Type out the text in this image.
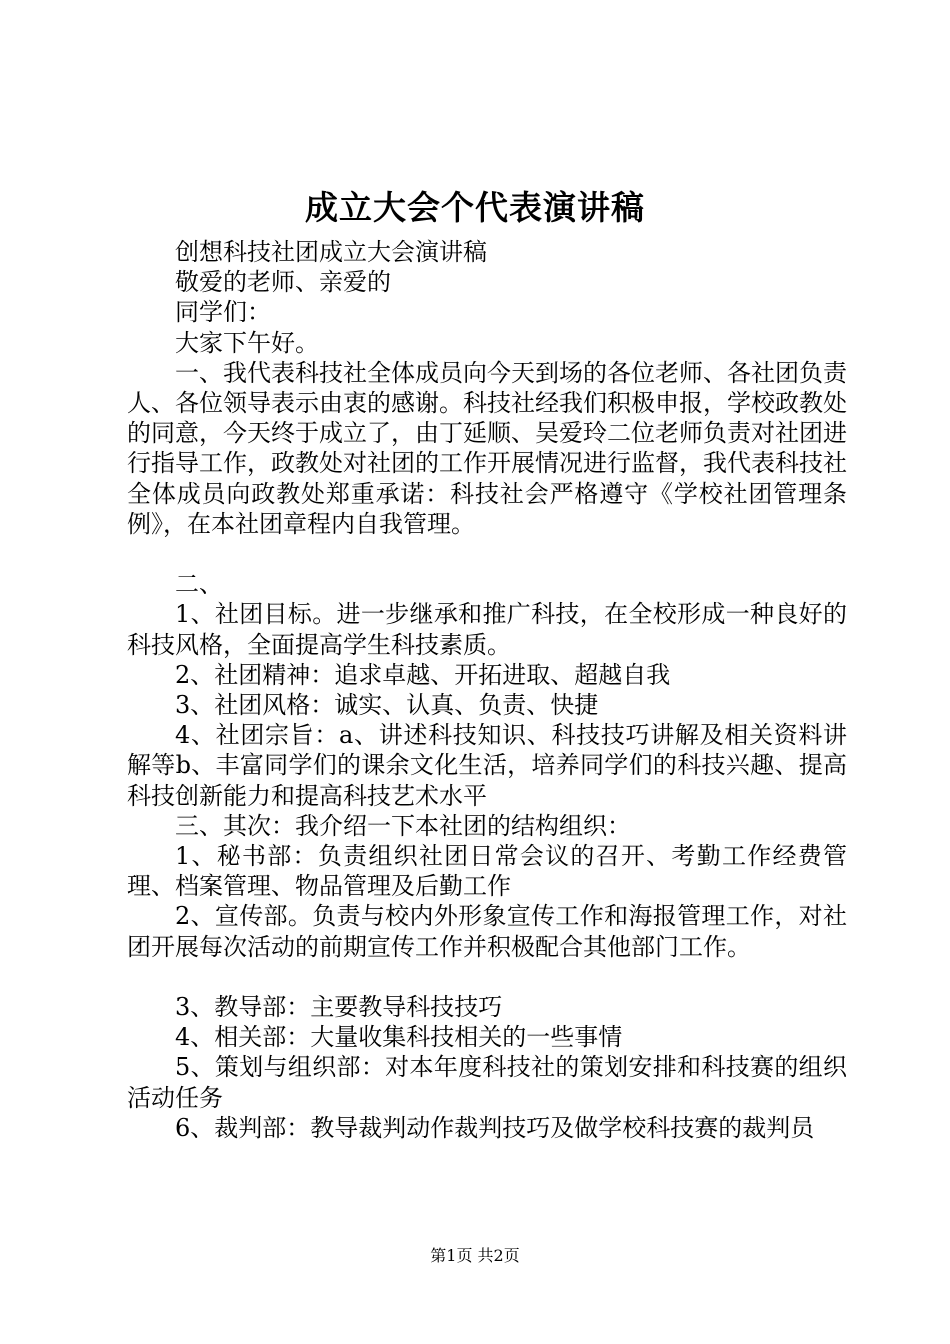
成立大会个代表演讲稿

创想科技社团成立大会演讲稿

敬爱的老师、亲爱的

同学们：

大家下午好。

一、我代表科技社全体成员向今天到场的各位老师、各社团负责人、各位领导表示由衷的感谢。科技社经我们积极申报，学校政教处的同意，今天终于成立了，由丁延顺、吴爱玲二位老师负责对社团进行指导工作，政教处对社团的工作开展情况进行监督，我代表科技社全体成员向政教处郑重承诺：科技社会严格遵守《学校社团管理条例》，在本社团章程内自我管理。

二、

1、社团目标。进一步继承和推广科技，在全校形成一种良好的科技风格，全面提高学生科技素质。

2、社团精神：追求卓越、开拓进取、超越自我

3、社团风格：诚实、认真、负责、快捷

4、社团宗旨：a、讲述科技知识、科技技巧讲解及相关资料讲解等b、丰富同学们的课余文化生活，培养同学们的科技兴趣、提高科技创新能力和提高科技艺术水平

三、其次：我介绍一下本社团的结构组织：

1、秘书部：负责组织社团日常会议的召开、考勤工作经费管理、档案管理、物品管理及后勤工作

2、宣传部。负责与校内外形象宣传工作和海报管理工作，对社团开展每次活动的前期宣传工作并积极配合其他部门工作。

3、教导部：主要教导科技技巧

4、相关部：大量收集科技相关的一些事情

5、策划与组织部：对本年度科技社的策划安排和科技赛的组织活动任务

6、裁判部：教导裁判动作裁判技巧及做学校科技赛的裁判员

第1页 共2页
